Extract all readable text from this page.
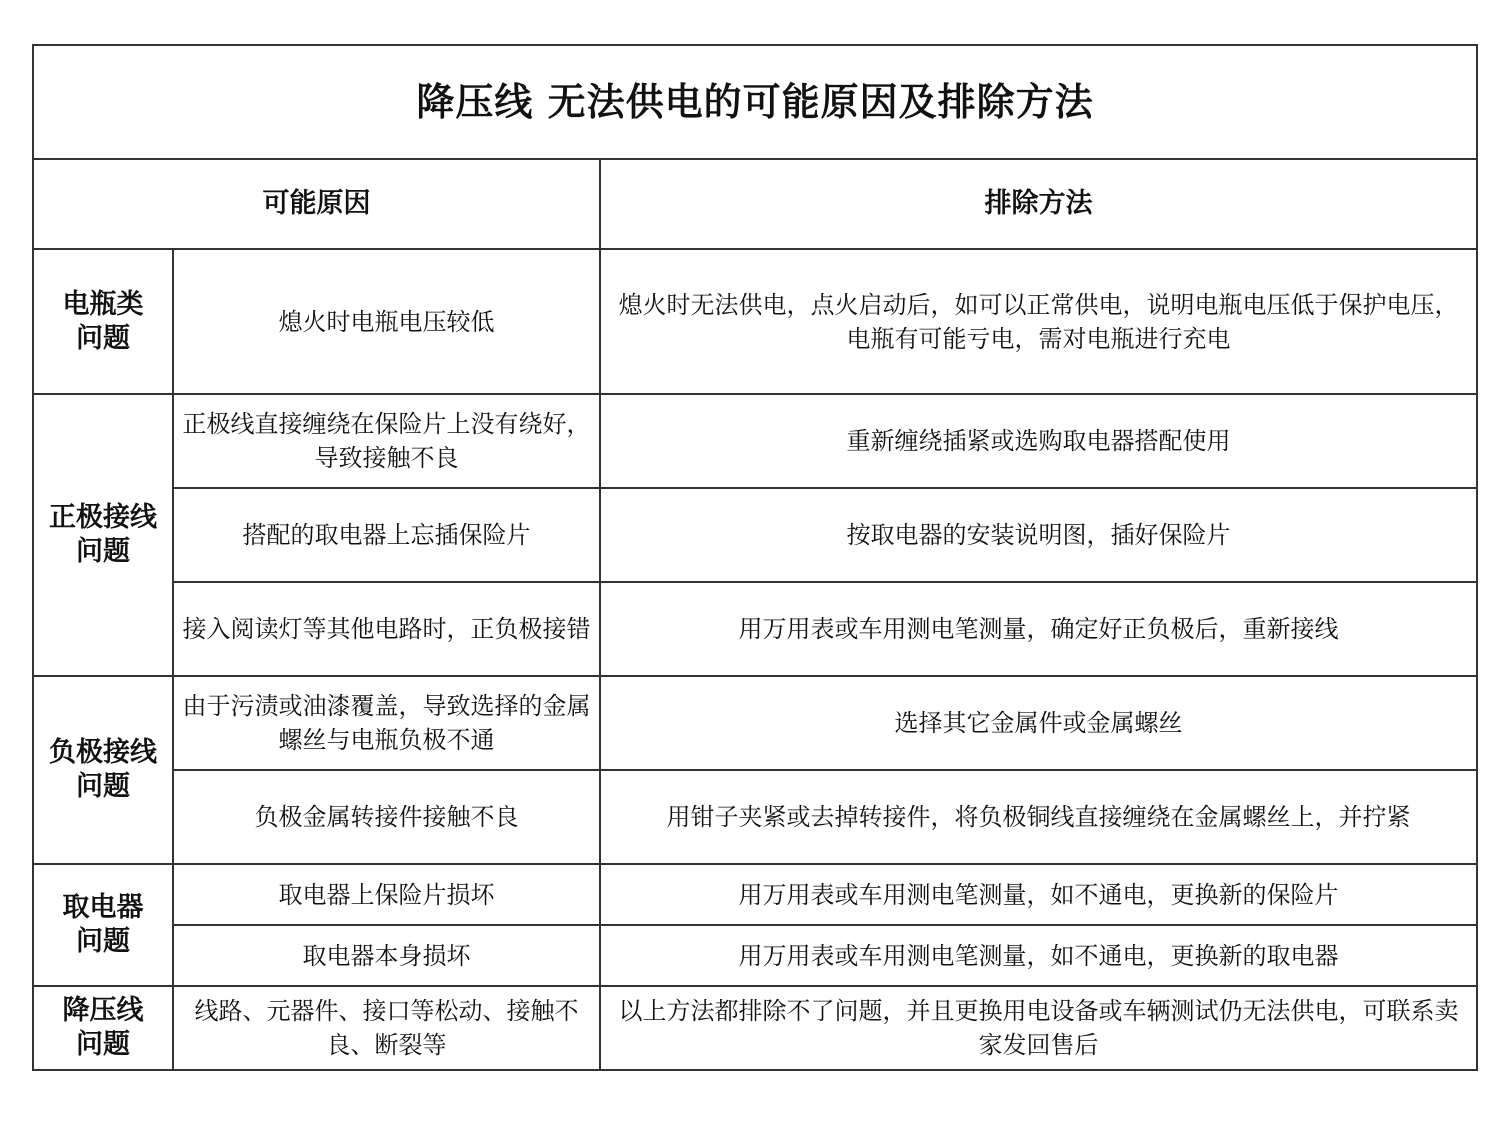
降压线 无法供电的可能原因及排除方法		
可能原因		排除方法

电瓶类
问题	熄火时电瓶电压较低	熄火时无法供电，点火启动后，如可以正常供电，说明电瓶电压低于保护电压，电瓶有可能亏电，需对电瓶进行充电

正极接线
问题	正极线直接缠绕在保险片上没有绕好，导致接触不良	重新缠绕插紧或选购取电器搭配使用
	搭配的取电器上忘插保险片	按取电器的安装说明图，插好保险片
	接入阅读灯等其他电路时，正负极接错	用万用表或车用测电笔测量，确定好正负极后，重新接线

负极接线
问题	由于污渍或油漆覆盖，导致选择的金属螺丝与电瓶负极不通	选择其它金属件或金属螺丝
	负极金属转接件接触不良	用钳子夹紧或去掉转接件，将负极铜线直接缠绕在金属螺丝上，并拧紧

取电器
问题	取电器上保险片损坏	用万用表或车用测电笔测量，如不通电，更换新的保险片
	取电器本身损坏	用万用表或车用测电笔测量，如不通电，更换新的取电器

降压线
问题	线路、元器件、接口等松动、接触不良、断裂等	以上方法都排除不了问题，并且更换用电设备或车辆测试仍无法供电，可联系卖家发回售后
